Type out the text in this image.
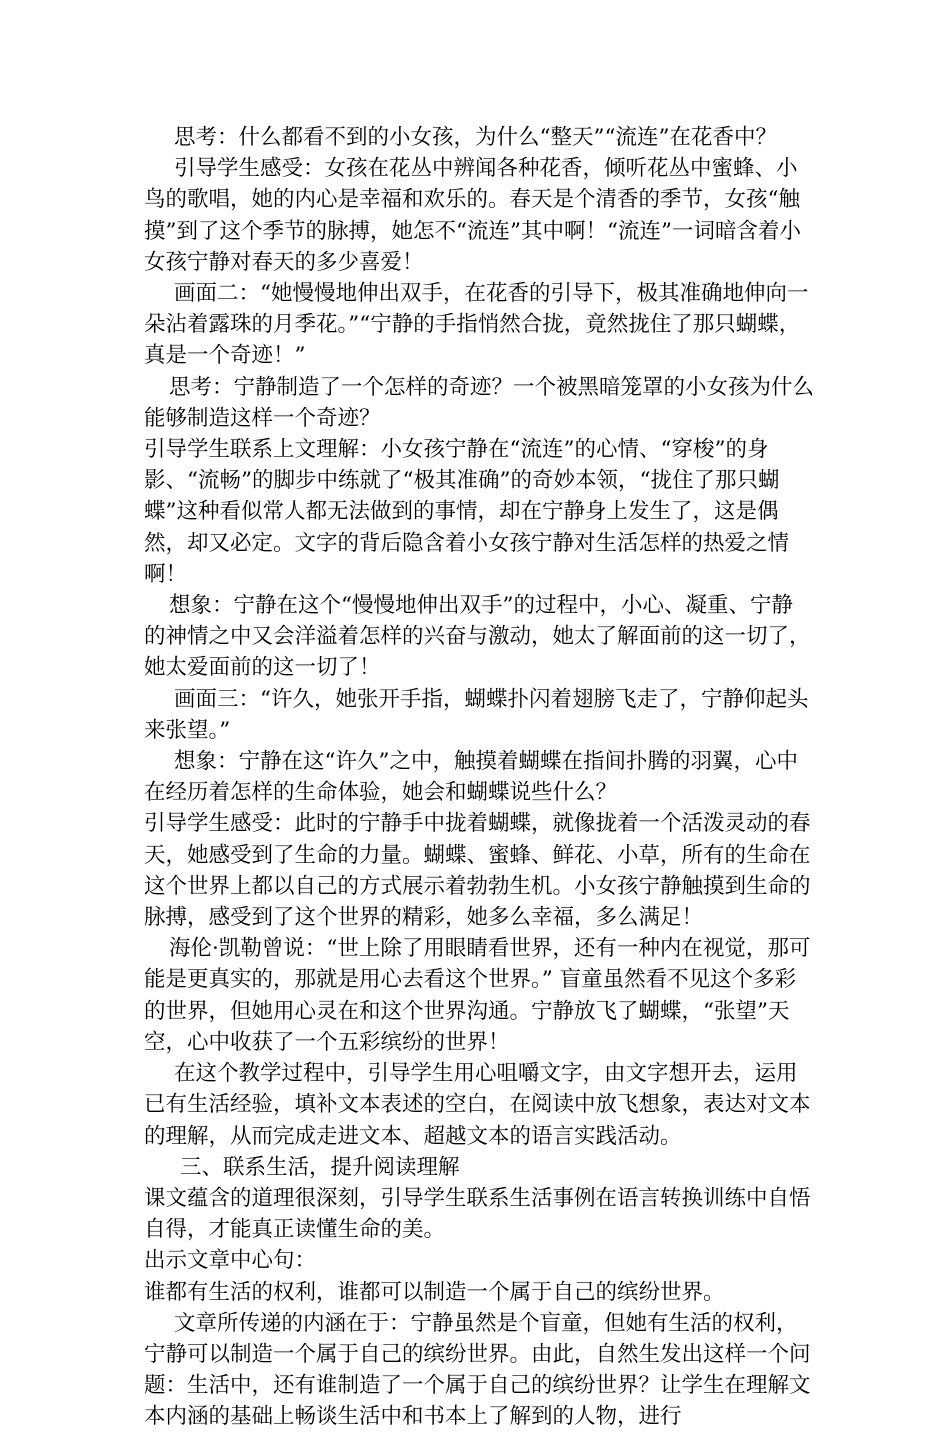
思考：什么都看不到的小女孩，为什么“整天”“流连”在花香中？

引导学生感受：女孩在花丛中辨闻各种花香，倾听花丛中蜜蜂、小鸟的歌唱，她的内心是幸福和欢乐的。春天是个清香的季节，女孩“触摸”到了这个季节的脉搏，她怎不“流连”其中啊！“流连”一词暗含着小女孩宁静对春天的多少喜爱！

画面二：“她慢慢地伸出双手，在花香的引导下，极其准确地伸向一朵沾着露珠的月季花。”“宁静的手指悄然合拢，竟然拢住了那只蝴蝶，真是一个奇迹！”

思考：宁静制造了一个怎样的奇迹？一个被黑暗笼罩的小女孩为什么能够制造这样一个奇迹？

引导学生联系上文理解：小女孩宁静在“流连”的心情、“穿梭”的身影、“流畅”的脚步中练就了“极其准确”的奇妙本领，“拢住了那只蝴蝶”这种看似常人都无法做到的事情，却在宁静身上发生了，这是偶然，却又必定。文字的背后隐含着小女孩宁静对生活怎样的热爱之情啊！

想象：宁静在这个“慢慢地伸出双手”的过程中，小心、凝重、宁静的神情之中又会洋溢着怎样的兴奋与激动，她太了解面前的这一切了，她太爱面前的这一切了！

画面三：“许久，她张开手指，蝴蝶扑闪着翅膀飞走了，宁静仰起头来张望。”

想象：宁静在这“许久”之中，触摸着蝴蝶在指间扑腾的羽翼，心中在经历着怎样的生命体验，她会和蝴蝶说些什么？

引导学生感受：此时的宁静手中拢着蝴蝶，就像拢着一个活泼灵动的春天，她感受到了生命的力量。蝴蝶、蜜蜂、鲜花、小草，所有的生命在这个世界上都以自己的方式展示着勃勃生机。小女孩宁静触摸到生命的脉搏，感受到了这个世界的精彩，她多么幸福，多么满足！

海伦·凯勒曾说：“世上除了用眼睛看世界，还有一种内在视觉，那可能是更真实的，那就是用心去看这个世界。” 盲童虽然看不见这个多彩的世界，但她用心灵在和这个世界沟通。宁静放飞了蝴蝶，“张望”天空，心中收获了一个五彩缤纷的世界！

在这个教学过程中，引导学生用心咀嚼文字，由文字想开去，运用已有生活经验，填补文本表述的空白，在阅读中放飞想象，表达对文本的理解，从而完成走进文本、超越文本的语言实践活动。

三、联系生活，提升阅读理解

课文蕴含的道理很深刻，引导学生联系生活事例在语言转换训练中自悟自得，才能真正读懂生命的美。

出示文章中心句：

谁都有生活的权利，谁都可以制造一个属于自己的缤纷世界。

文章所传递的内涵在于：宁静虽然是个盲童，但她有生活的权利，宁静可以制造一个属于自己的缤纷世界。由此，自然生发出这样一个问题：生活中，还有谁制造了一个属于自己的缤纷世界？让学生在理解文本内涵的基础上畅谈生活中和书本上了解到的人物，进行
